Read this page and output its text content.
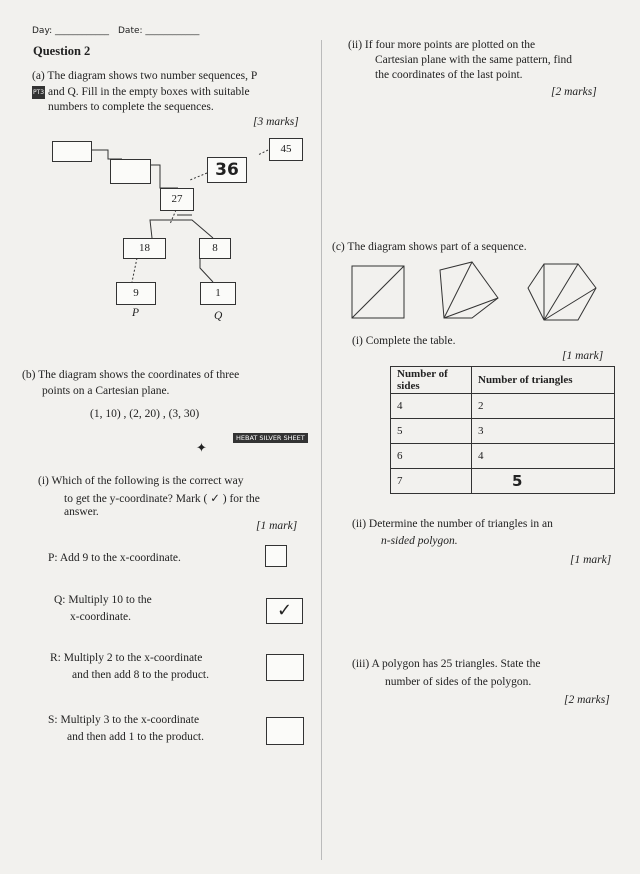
Day: ____________ Date: ____________
Question 2
(a) The diagram shows two number sequences, P
PT3 and Q. Fill in the empty boxes with suitable
numbers to complete the sequences.
[3 marks]
45
36
27
18	8
9	1
P	Q
(b) The diagram shows the coordinates of three
points on a Cartesian plane.
(1, 10) , (2, 20) , (3, 30)
HEBAT SILVER SHEET
✦
(i) Which of the following is the correct way
to get the y-coordinate? Mark ( ✓ ) for the
answer.
[1 mark]
P: Add 9 to the x-coordinate.
Q: Multiply 10 to the
x-coordinate.	✓
R: Multiply 2 to the x-coordinate
and then add 8 to the product.
S: Multiply 3 to the x-coordinate
and then add 1 to the product.
(ii) If four more points are plotted on the
Cartesian plane with the same pattern, find
the coordinates of the last point.
[2 marks]
(c) The diagram shows part of a sequence.
(i) Complete the table.
[1 mark]
Number of sides	Number of triangles
4	2
5	3
6	4
7	5
(ii) Determine the number of triangles in an
n-sided polygon.
[1 mark]
(iii) A polygon has 25 triangles. State the
number of sides of the polygon.
[2 marks]
